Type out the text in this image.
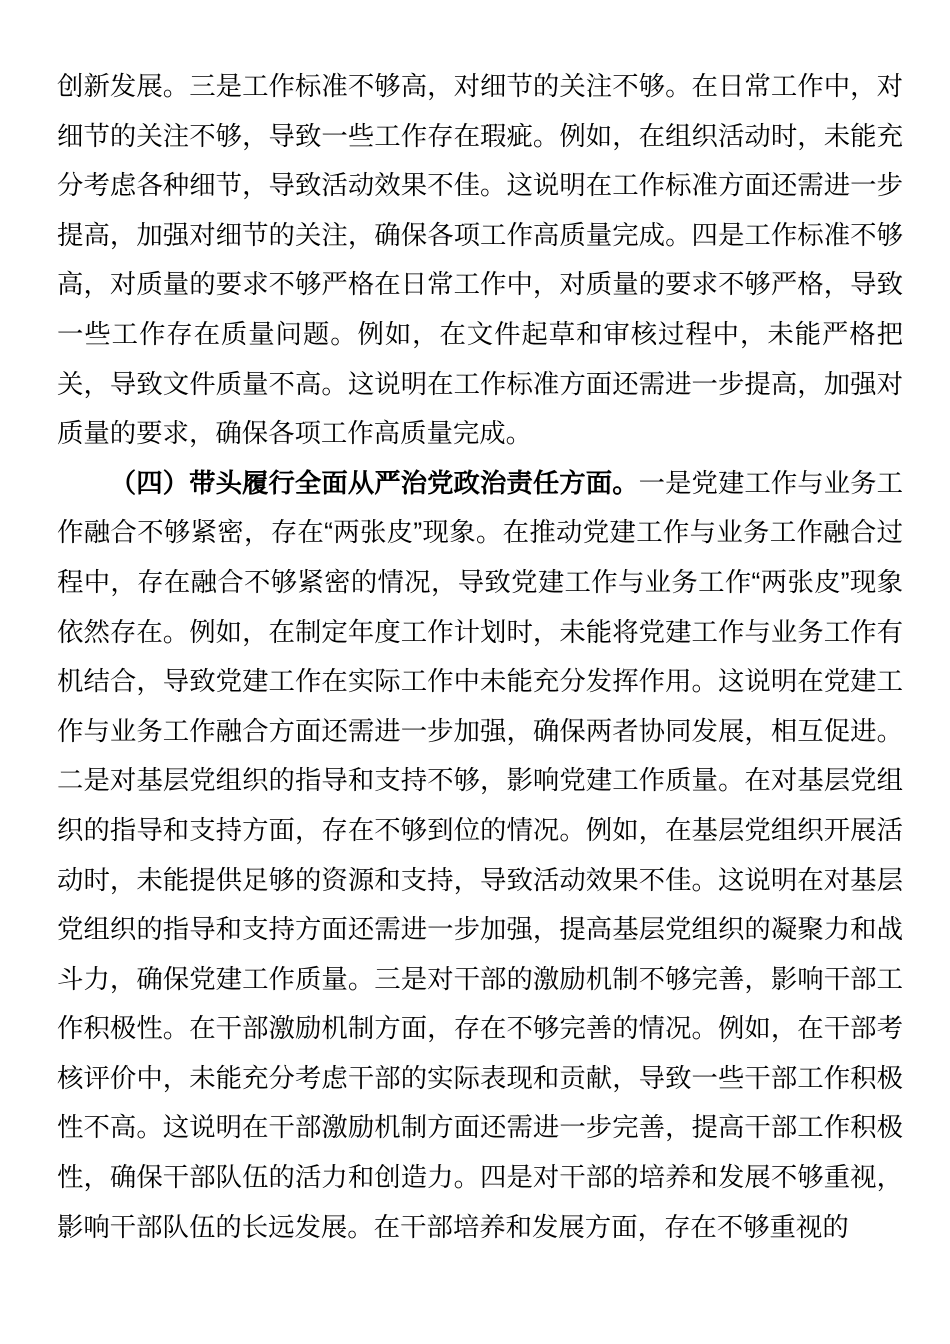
创新发展。三是工作标准不够高，对细节的关注不够。在日常工作中，对细节的关注不够，导致一些工作存在瑕疵。例如，在组织活动时，未能充分考虑各种细节，导致活动效果不佳。这说明在工作标准方面还需进一步提高，加强对细节的关注，确保各项工作高质量完成。四是工作标准不够高，对质量的要求不够严格在日常工作中，对质量的要求不够严格，导致一些工作存在质量问题。例如，在文件起草和审核过程中，未能严格把关，导致文件质量不高。这说明在工作标准方面还需进一步提高，加强对质量的要求，确保各项工作高质量完成。

（四）带头履行全面从严治党政治责任方面。一是党建工作与业务工作融合不够紧密，存在“两张皮”现象。在推动党建工作与业务工作融合过程中，存在融合不够紧密的情况，导致党建工作与业务工作“两张皮”现象依然存在。例如，在制定年度工作计划时，未能将党建工作与业务工作有机结合，导致党建工作在实际工作中未能充分发挥作用。这说明在党建工作与业务工作融合方面还需进一步加强，确保两者协同发展，相互促进。二是对基层党组织的指导和支持不够，影响党建工作质量。在对基层党组织的指导和支持方面，存在不够到位的情况。例如，在基层党组织开展活动时，未能提供足够的资源和支持，导致活动效果不佳。这说明在对基层党组织的指导和支持方面还需进一步加强，提高基层党组织的凝聚力和战斗力，确保党建工作质量。三是对干部的激励机制不够完善，影响干部工作积极性。在干部激励机制方面，存在不够完善的情况。例如，在干部考核评价中，未能充分考虑干部的实际表现和贡献，导致一些干部工作积极性不高。这说明在干部激励机制方面还需进一步完善，提高干部工作积极性，确保干部队伍的活力和创造力。四是对干部的培养和发展不够重视，影响干部队伍的长远发展。在干部培养和发展方面，存在不够重视的
